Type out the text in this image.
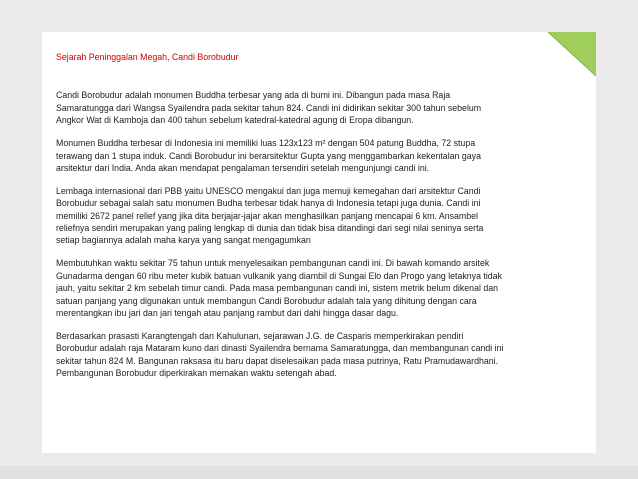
Sejarah Peninggalan Megah, Candi Borobudur
Candi Borobudur adalah monumen Buddha terbesar yang ada di bumi ini. Dibangun pada masa Raja
Samaratungga dari Wangsa Syailendra pada sekitar tahun 824. Candi ini didirikan sekitar 300 tahun sebelum
Angkor Wat di Kamboja dan 400 tahun sebelum katedral-katedral agung di Eropa dibangun.
Monumen Buddha terbesar di Indonesia ini memiliki luas 123x123 m² dengan 504 patung Buddha, 72 stupa
terawang dan 1 stupa induk. Candi Borobudur ini berarsitektur Gupta yang menggambarkan kekentalan gaya
arsitektur dari India. Anda akan mendapat pengalaman tersendiri setelah mengunjungi candi ini.
Lembaga internasional dari PBB yaitu UNESCO mengakui dan juga memuji kemegahan dari arsitektur Candi
Borobudur sebagai salah satu monumen Budha terbesar tidak hanya di Indonesia tetapi juga dunia. Candi ini
memiliki 2672 panel relief yang jika dita berjajar-jajar akan menghasilkan panjang mencapai 6 km. Ansambel
reliefnya sendiri merupakan yang paling lengkap di dunia dan tidak bisa ditandingi dari segi nilai seninya serta
setiap bagiannya adalah maha karya yang sangat mengagumkan
Membutuhkan waktu sekitar 75 tahun untuk menyelesaikan pembangunan candi ini. Di bawah komando arsitek
Gunadarma dengan 60 ribu meter kubik batuan vulkanik yang diambil di Sungai Elo dan Progo yang letaknya tidak
jauh, yaitu sekitar 2 km sebelah timur candi. Pada masa pembangunan candi ini, sistem metrik belum dikenal dan
satuan panjang yang digunakan untuk membangun Candi Borobudur adalah tala yang dihitung dengan cara
merentangkan ibu jari dan jari tengah atau panjang rambut dari dahi hingga dasar dagu.
Berdasarkan prasasti Karangtengah dan Kahulunan, sejarawan J.G. de Casparis memperkirakan pendiri
Borobudur adalah raja Mataram kuno dari dinasti Syailendra bernama Samaratungga, dan membangunan candi ini
sekitar tahun 824 M. Bangunan raksasa itu baru dapat diselesaikan pada masa putrinya, Ratu Pramudawardhani.
Pembangunan Borobudur diperkirakan memakan waktu setengah abad.
